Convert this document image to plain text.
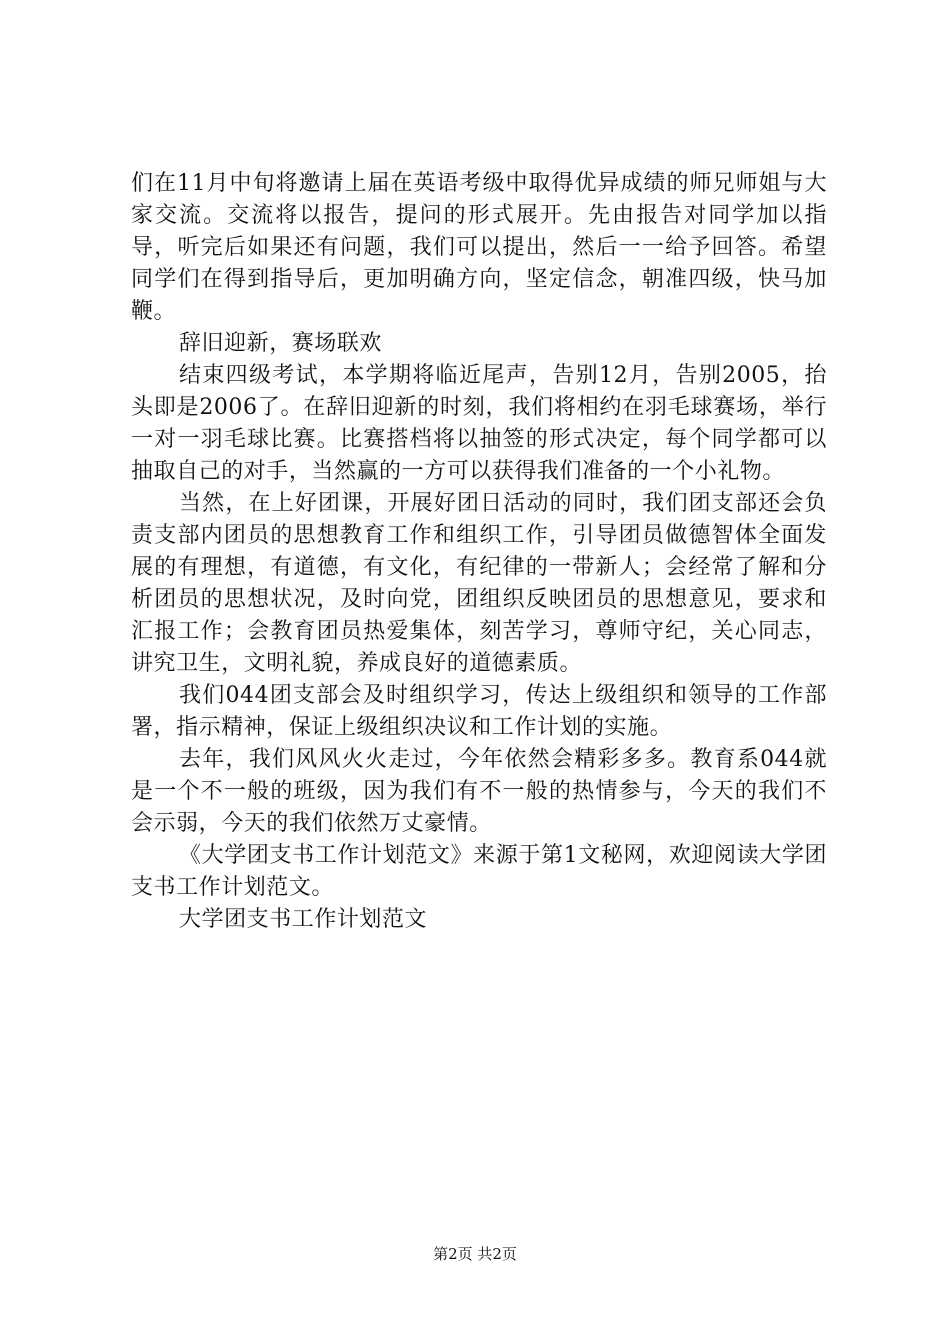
们在11月中旬将邀请上届在英语考级中取得优异成绩的师兄师姐与大家交流。交流将以报告，提问的形式展开。先由报告对同学加以指导，听完后如果还有问题，我们可以提出，然后一一给予回答。希望同学们在得到指导后，更加明确方向，坚定信念，朝准四级，快马加鞭。

辞旧迎新，赛场联欢

结束四级考试，本学期将临近尾声，告别12月，告别2005，抬头即是2006了。在辞旧迎新的时刻，我们将相约在羽毛球赛场，举行一对一羽毛球比赛。比赛搭档将以抽签的形式决定，每个同学都可以抽取自己的对手，当然赢的一方可以获得我们准备的一个小礼物。

当然，在上好团课，开展好团日活动的同时，我们团支部还会负责支部内团员的思想教育工作和组织工作，引导团员做德智体全面发展的有理想，有道德，有文化，有纪律的一带新人；会经常了解和分析团员的思想状况，及时向党，团组织反映团员的思想意见，要求和汇报工作；会教育团员热爱集体，刻苦学习，尊师守纪，关心同志，讲究卫生，文明礼貌，养成良好的道德素质。

我们044团支部会及时组织学习，传达上级组织和领导的工作部署，指示精神，保证上级组织决议和工作计划的实施。

去年，我们风风火火走过，今年依然会精彩多多。教育系044就是一个不一般的班级，因为我们有不一般的热情参与，今天的我们不会示弱，今天的我们依然万丈豪情。

《大学团支书工作计划范文》来源于第1文秘网，欢迎阅读大学团支书工作计划范文。

大学团支书工作计划范文

第2页 共2页
